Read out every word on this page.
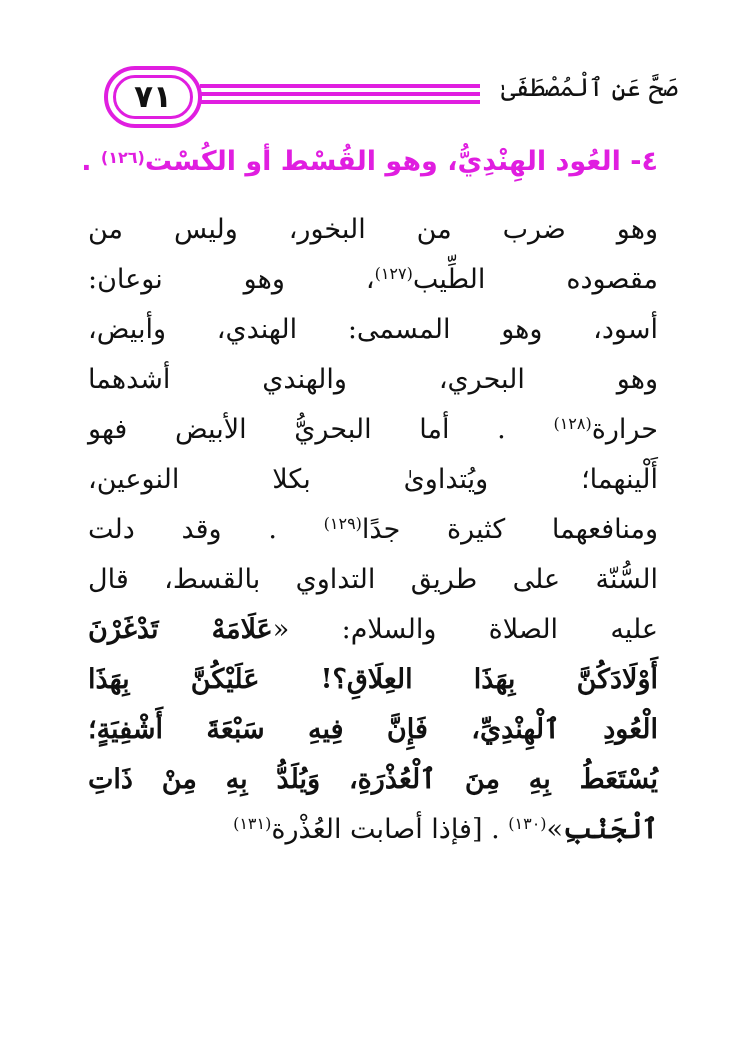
٧١	صَحَّ عَنِ ٱلْمُصْطَفَىٰ
٤- العُود الهِنْدِيُّ، وهو القُسْط أو الكُسْت$^{(١٢٦)}$ .
وهو ضرب من البخور، وليس من
مقصوده الطِّيب$^{(١٢٧)}$، وهو نوعان:
أسود، وهو المسمى: الهندي، وأبيض،
وهو البحري، والهندي أشدهما
حرارة$^{(١٢٨)}$ . أما البحريُّ الأبيض فهو
أَلْينهما؛ ويُتداوىٰ بكلا النوعين،
ومنافعهما كثيرة جدًا$^{(١٢٩)}$ . وقد دلت
السُّنّة على طريق التداوي بالقسط، قال
عليه الصلاة والسلام: «عَلَامَهْ تَدْغَرْنَ
أَوْلَادَكُنَّ بِهَذَا العِلَاقِ؟! عَلَيْكُنَّ بِهَذَا
الْعُودِ ٱلْهِنْدِيِّ، فَإِنَّ فِيهِ سَبْعَةَ أَشْفِيَةٍ؛
يُسْتَعَطُ بِهِ مِنَ ٱلْعُذْرَةِ، وَيُلَدُّ بِهِ مِنْ ذَاتِ
ٱلْجَنْبِ»$^{(١٣٠)}$ . [فإذا أصابت العُذْرة$^{(١٣١)}$
